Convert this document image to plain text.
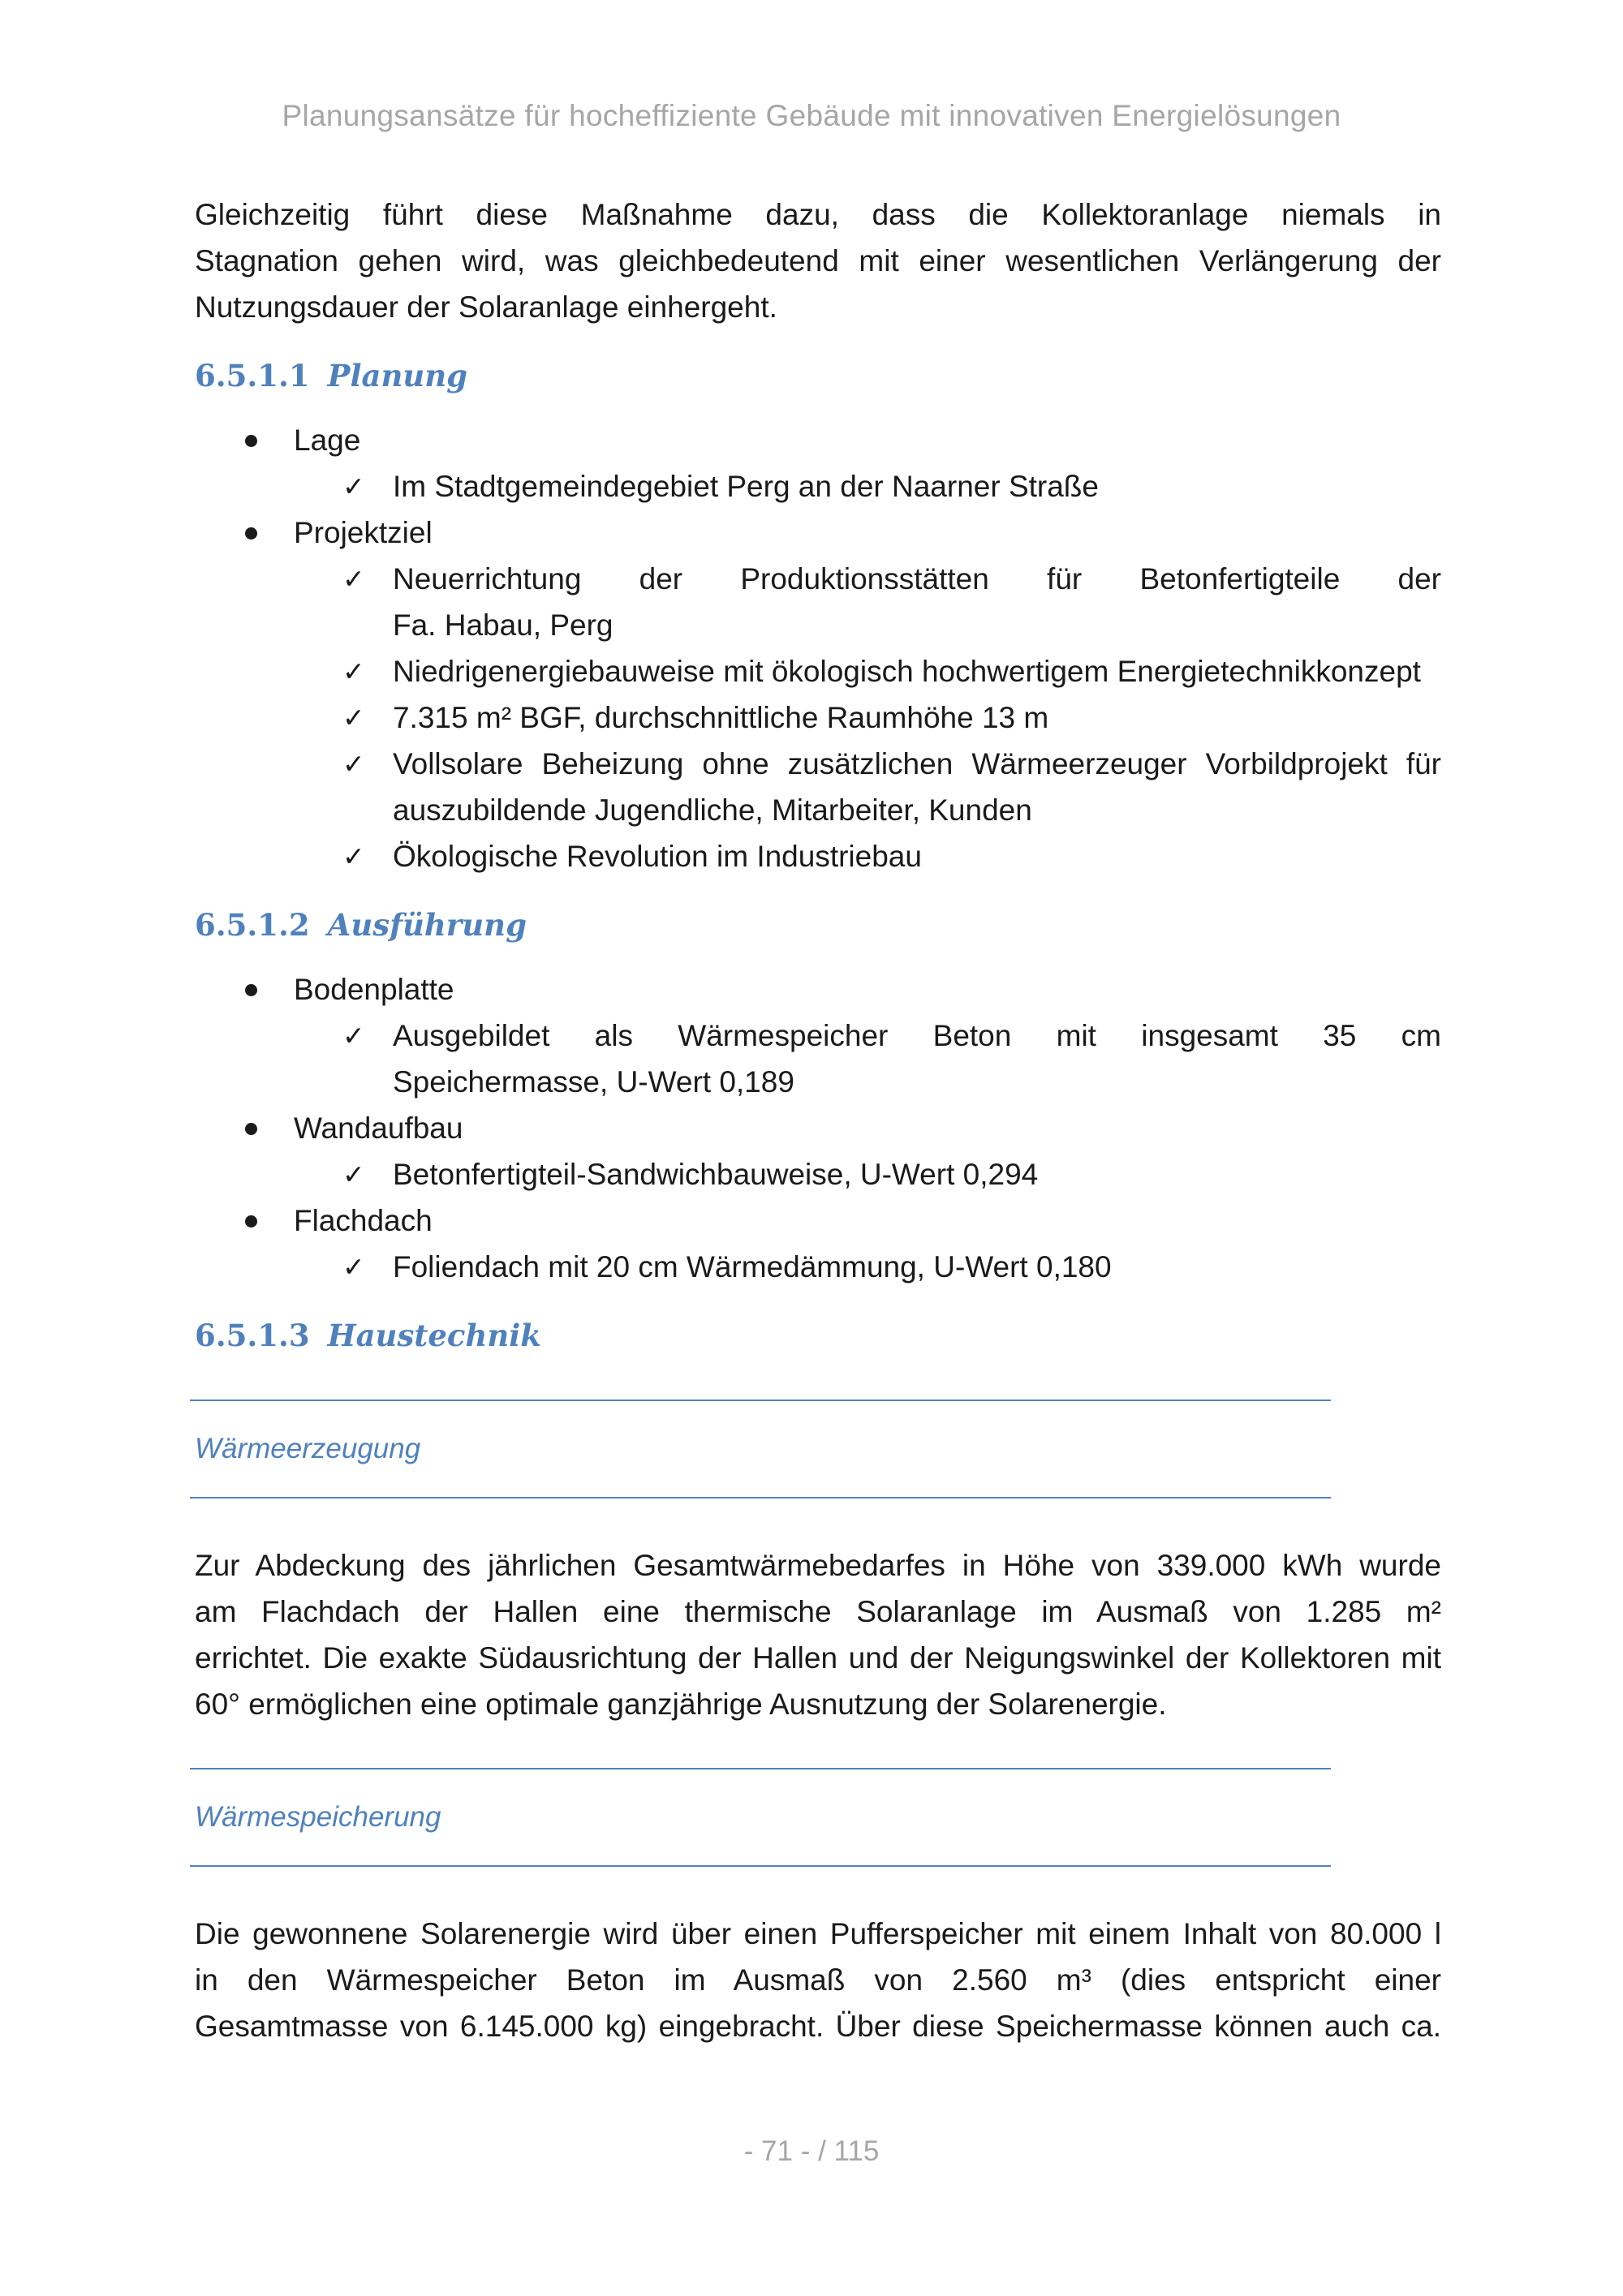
Planungsansätze für hocheffiziente Gebäude mit innovativen Energielösungen

Gleichzeitig führt diese Maßnahme dazu, dass die Kollektoranlage niemals in

Stagnation gehen wird, was gleichbedeutend mit einer wesentlichen Verlängerung der

Nutzungsdauer der Solaranlage einhergeht.

6.5.1.1 Planung
Lage
✓ Im Stadtgemeindegebiet Perg an der Naarner Straße
Projektziel
✓ Neuerrichtung der Produktionsstätten für Betonfertigteile der
Fa. Habau, Perg
✓ Niedrigenergiebauweise mit ökologisch hochwertigem Energietechnikkonzept
✓ 7.315 m² BGF, durchschnittliche Raumhöhe 13 m
✓ Vollsolare Beheizung ohne zusätzlichen Wärmeerzeuger Vorbildprojekt für
auszubildende Jugendliche, Mitarbeiter, Kunden
✓ Ökologische Revolution im Industriebau
6.5.1.2 Ausführung
Bodenplatte
✓ Ausgebildet als Wärmespeicher Beton mit insgesamt 35 cm
Speichermasse, U-Wert 0,189
Wandaufbau
✓ Betonfertigteil-Sandwichbauweise, U-Wert 0,294
Flachdach
✓ Foliendach mit 20 cm Wärmedämmung, U-Wert 0,180
6.5.1.3 Haustechnik
Wärmeerzeugung

Zur Abdeckung des jährlichen Gesamtwärmebedarfes in Höhe von 339.000 kWh wurde

am Flachdach der Hallen eine thermische Solaranlage im Ausmaß von 1.285 m²

errichtet. Die exakte Südausrichtung der Hallen und der Neigungswinkel der Kollektoren mit

60° ermöglichen eine optimale ganzjährige Ausnutzung der Solarenergie.

Wärmespeicherung

Die gewonnene Solarenergie wird über einen Pufferspeicher mit einem Inhalt von 80.000 l

in den Wärmespeicher Beton im Ausmaß von 2.560 m³ (dies entspricht einer

Gesamtmasse von 6.145.000 kg) eingebracht. Über diese Speichermasse können auch ca.

- 71 - / 115
